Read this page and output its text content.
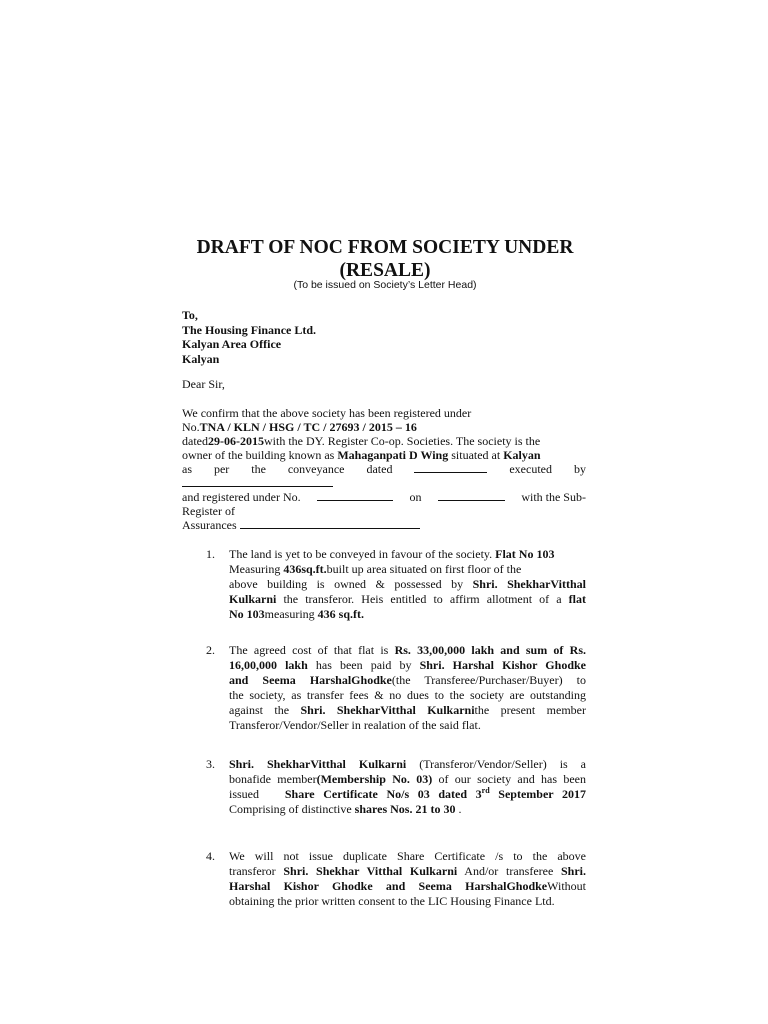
DRAFT OF NOC FROM SOCIETY UNDER
(RESALE)
(To be issued on Society’s Letter Head)
To,
The Housing Finance Ltd.
Kalyan Area Office
Kalyan
Dear Sir,
We confirm that the above society has been registered under
No.TNA / KLN / HSG / TC / 27693 / 2015 – 16
dated29-06-2015with the DY. Register Co-op. Societies. The society is the
owner of the building known as Mahaganpati D Wing situated at Kalyan
as per the conveyance dated	executed by
and registered under No.	on	with the Sub-
Register of
Assurances
1.	The land is yet to be conveyed in favour of the society. Flat No 103

Measuring 436sq.ft.built up area situated on first floor of the

above building is owned & possessed by Shri. ShekharVitthal

Kulkarni the transferor. Heis entitled to affirm allotment of a flat

No 103measuring 436 sq.ft.

2.	The agreed cost of that flat is Rs. 33,00,000 lakh and sum of Rs.

16,00,000 lakh has been paid by Shri. Harshal Kishor Ghodke

and Seema HarshalGhodke(the Transferee/Purchaser/Buyer) to

the society, as transfer fees & no dues to the society are outstanding

against the Shri. ShekharVitthal Kulkarnithe present member

Transferor/Vendor/Seller in realation of the said flat.

3.	Shri. ShekharVitthal Kulkarni (Transferor/Vendor/Seller) is a

bonafide member(Membership No. 03) of our society and has been

issued Share Certificate No/s 03 dated 3rd September 2017

Comprising of distinctive shares Nos. 21 to 30 .

4.	We will not issue duplicate Share Certificate /s to the above

transferor Shri. Shekhar Vitthal Kulkarni And/or transferee Shri.

Harshal Kishor Ghodke and Seema HarshalGhodkeWithout

obtaining the prior written consent to the LIC Housing Finance Ltd.
